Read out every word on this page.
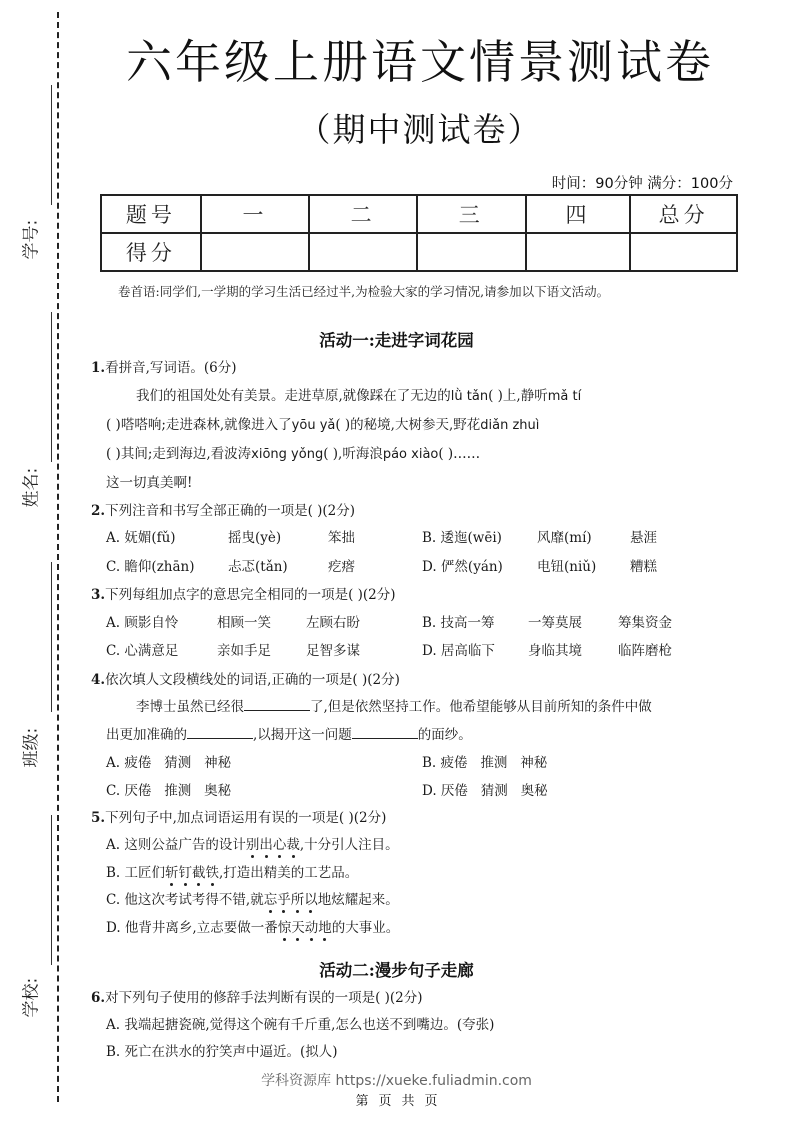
学号:
姓名:
班级:
学校:
六年级上册语文情景测试卷
（期中测试卷）
时间：90分钟 满分：100分
题号	一	二	三	四	总分
得分					
卷首语:同学们,一学期的学习生活已经过半,为检验大家的学习情况,请参加以下语文活动。
活动一:走进字词花园
1.看拼音,写词语。(6分)
我们的祖国处处有美景。走进草原,就像踩在了无边的lǜ tǎn( )上,静听mǎ tí
( )嗒嗒响;走进森林,就像进入了yōu yǎ( )的秘境,大树参天,野花diǎn zhuì
( )其间;走到海边,看波涛xiōng yǒng( ),听海浪páo xiào( )……
这一切真美啊!
2.下列注音和书写全部正确的一项是( )(2分)
A. 妩媚(fǔ)	摇曳(yè)	笨拙	B. 逶迤(wēi)	风靡(mí)	悬涯
C. 瞻仰(zhān) 忐忑(tǎn)	疙瘩	D. 俨然(yán)	电钮(niǔ)	糟糕
3.下列每组加点字的意思完全相同的一项是( )(2分)
A. 顾影自怜	相顾一笑	左顾右盼	B. 技高一筹 一筹莫展	筹集资金
C. 心满意足	亲如手足	足智多谋	D. 居高临下 身临其境	临阵磨枪
4.依次填人文段横线处的词语,正确的一项是( )(2分)
李博士虽然已经很	了,但是依然坚持工作。他希望能够从目前所知的条件中做
出更加准确的	,以揭开这一问题	的面纱。
A. 疲倦   猜测   神秘	B. 疲倦   推测   神秘
C. 厌倦   推测   奥秘	D. 厌倦   猜测   奥秘
5.下列句子中,加点词语运用有误的一项是( )(2分)
A. 这则公益广告的设计别出心裁,十分引人注目。
B. 工匠们斩钉截铁,打造出精美的工艺品。
C. 他这次考试考得不错,就忘乎所以地炫耀起来。
D. 他背井离乡,立志要做一番惊天动地的大事业。
活动二:漫步句子走廊
6.对下列句子使用的修辞手法判断有误的一项是( )(2分)
A. 我端起搪瓷碗,觉得这个碗有千斤重,怎么也送不到嘴边。(夸张)
B. 死亡在洪水的狞笑声中逼近。(拟人)
学科资源库 https://xueke.fuliadmin.com
第 页 共 页
